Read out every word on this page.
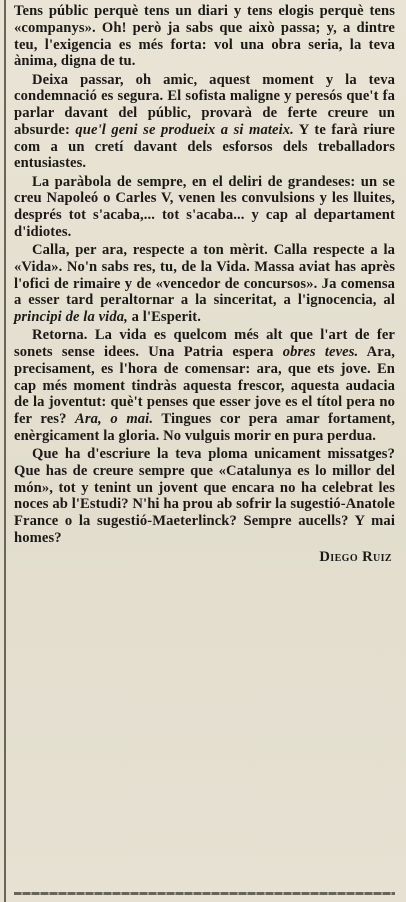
Tens públic perquè tens un diari y tens elogis perquè tens «companys». Oh! però ja sabs que això passa; y, a dintre teu, l'exigencia es més forta: vol una obra seria, la teva ànima, digna de tu.

Deixa passar, oh amic, aquest moment y la teva condemnació es segura. El sofista maligne y peresós que't fa parlar davant del públic, provarà de ferte creure un absurde: que'l geni se produeix a si mateix. Y te farà riure com a un cretí davant dels esforsos dels treballadors entusiastes.

La paràbola de sempre, en el deliri de grandeses: un se creu Napoleó o Carles V, venen les convulsions y les lluites, després tot s'acaba,... tot s'acaba... y cap al departament d'idiotes.

Calla, per ara, respecte a ton mèrit. Calla respecte a la «Vida». No'n sabs res, tu, de la Vida. Massa aviat has après l'ofici de rimaire y de «vencedor de concursos». Ja comensa a esser tard peraltornar a la sinceritat, a l'ignocencia, al principi de la vida, a l'Esperit.

Retorna. La vida es quelcom més alt que l'art de fer sonets sense idees. Una Patria espera obres teves. Ara, precisament, es l'hora de comensar: ara, que ets jove. En cap més moment tindràs aquesta frescor, aquesta audacia de la joventut: què't penses que esser jove es el títol pera no fer res? Ara, o mai. Tingues cor pera amar fortament, enèrgicament la gloria. No vulguis morir en pura perdua.

Que ha d'escriure la teva ploma unicament missatges? Que has de creure sempre que «Catalunya es lo millor del món», tot y tenint un jovent que encara no ha celebrat les noces ab l'Estudi? N'hi ha prou ab sofrir la sugestió-Anatole France o la sugestió-Maeterlinck? Sempre aucells? Y mai homes?

Diego Ruiz
